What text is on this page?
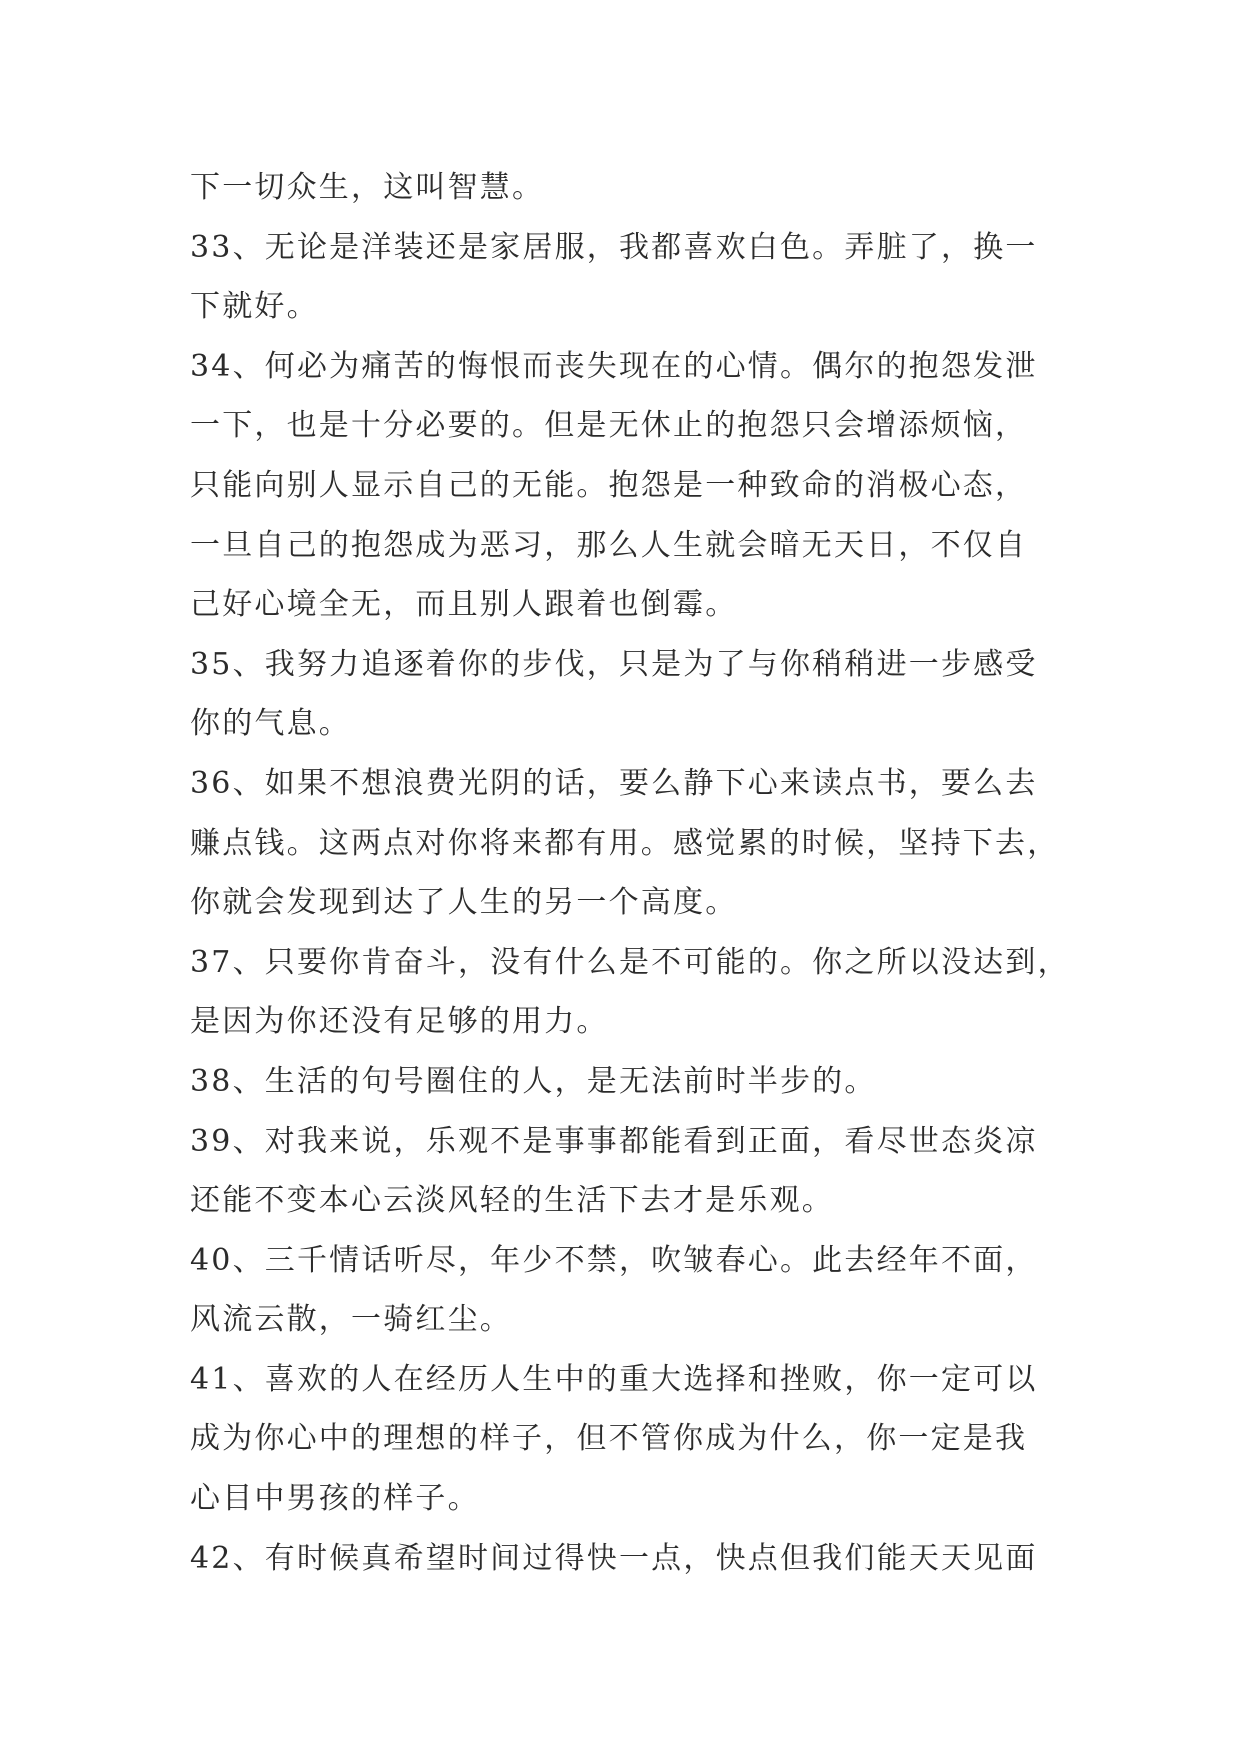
下一切众生，这叫智慧。

33、无论是洋装还是家居服，我都喜欢白色。弄脏了，换一

下就好。

34、何必为痛苦的悔恨而丧失现在的心情。偶尔的抱怨发泄

一下，也是十分必要的。但是无休止的抱怨只会增添烦恼，

只能向别人显示自己的无能。抱怨是一种致命的消极心态，

一旦自己的抱怨成为恶习，那么人生就会暗无天日，不仅自

己好心境全无，而且别人跟着也倒霉。

35、我努力追逐着你的步伐，只是为了与你稍稍进一步感受

你的气息。

36、如果不想浪费光阴的话，要么静下心来读点书，要么去

赚点钱。这两点对你将来都有用。感觉累的时候，坚持下去，

你就会发现到达了人生的另一个高度。

37、只要你肯奋斗，没有什么是不可能的。你之所以没达到，

是因为你还没有足够的用力。

38、生活的句号圈住的人，是无法前时半步的。

39、对我来说，乐观不是事事都能看到正面，看尽世态炎凉

还能不变本心云淡风轻的生活下去才是乐观。

40、三千情话听尽，年少不禁，吹皱春心。此去经年不面，

风流云散，一骑红尘。

41、喜欢的人在经历人生中的重大选择和挫败，你一定可以

成为你心中的理想的样子，但不管你成为什么，你一定是我

心目中男孩的样子。

42、有时候真希望时间过得快一点，快点但我们能天天见面
